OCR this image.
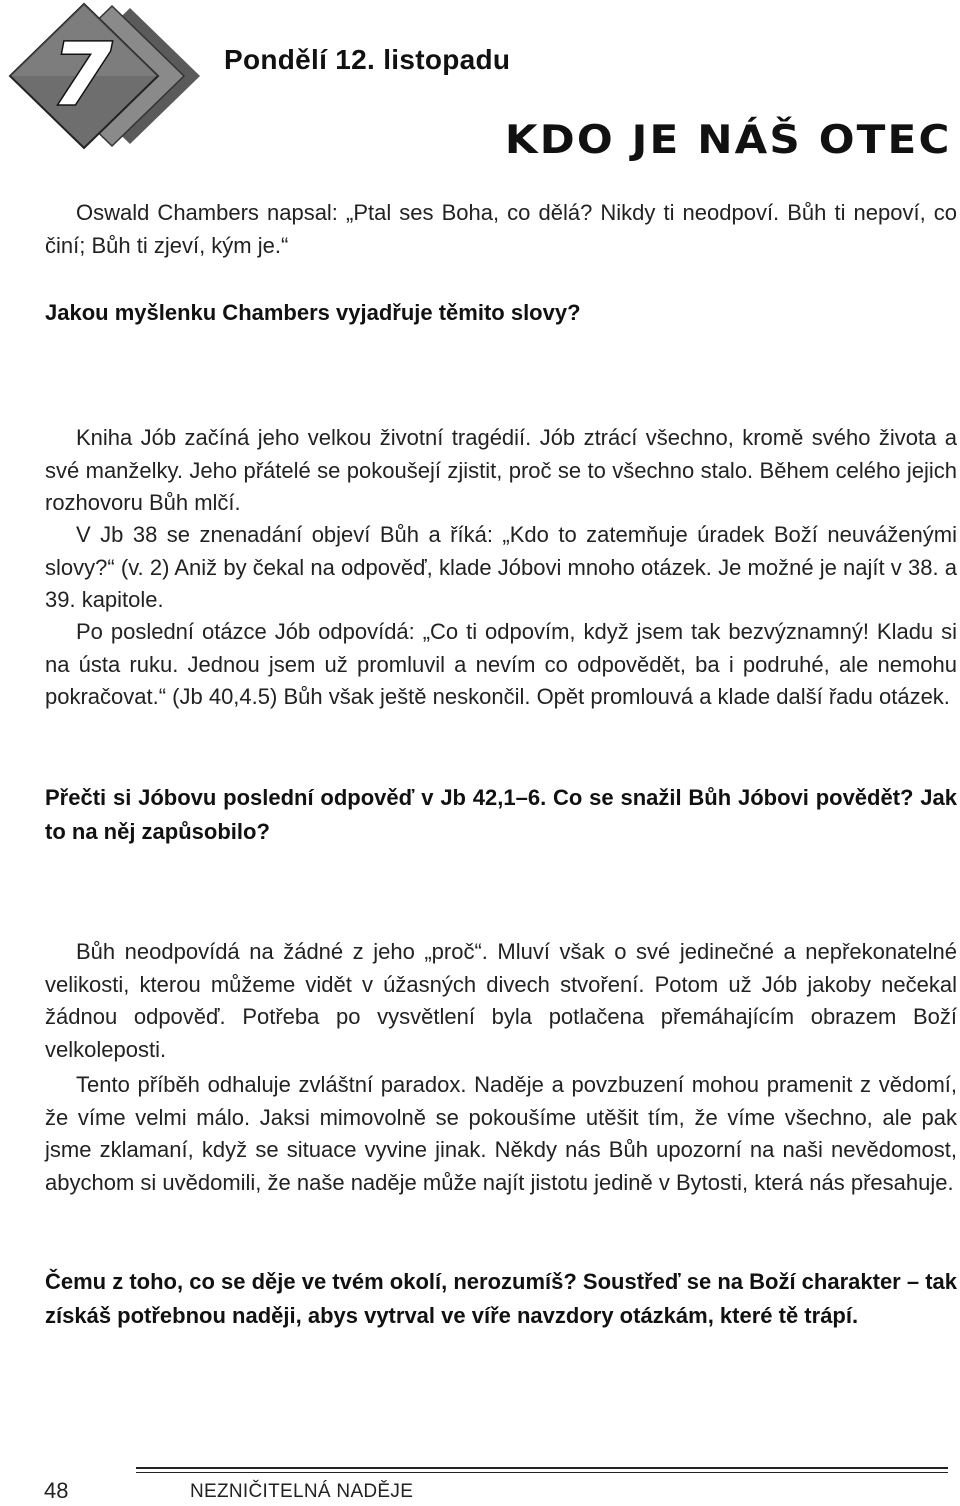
7	Pondělí 12. listopadu
KDO JE NÁŠ OTEC
Oswald Chambers napsal: „Ptal ses Boha, co dělá? Nikdy ti neodpoví. Bůh ti nepoví, co činí; Bůh ti zjeví, kým je.“
Jakou myšlenku Chambers vyjadřuje těmito slovy?
Kniha Jób začíná jeho velkou životní tragédií. Jób ztrácí všechno, kromě svého života a své manželky. Jeho přátelé se pokoušejí zjistit, proč se to všechno stalo. Během celého jejich rozhovoru Bůh mlčí.
V Jb 38 se znenadání objeví Bůh a říká: „Kdo to zatemňuje úradek Boží neuváženými slovy?“ (v. 2) Aniž by čekal na odpověď, klade Jóbovi mnoho otázek. Je možné je najít v 38. a 39. kapitole.
Po poslední otázce Jób odpovídá: „Co ti odpovím, když jsem tak bezvýznamný! Kladu si na ústa ruku. Jednou jsem už promluvil a nevím co odpovědět, ba i podruhé, ale nemohu pokračovat.“ (Jb 40,4.5) Bůh však ještě neskončil. Opět promlouvá a klade další řadu otázek.
Přečti si Jóbovu poslední odpověď v Jb 42,1–6. Co se snažil Bůh Jóbovi povědět? Jak to na něj zapůsobilo?
Bůh neodpovídá na žádné z jeho „proč“. Mluví však o své jedinečné a nepřekonatelné velikosti, kterou můžeme vidět v úžasných divech stvoření. Potom už Jób jakoby nečekal žádnou odpověď. Potřeba po vysvětlení byla potlačena přemáhajícím obrazem Boží velkoleposti.
Tento příběh odhaluje zvláštní paradox. Naděje a povzbuzení mohou pramenit z vědomí, že víme velmi málo. Jaksi mimovolně se pokoušíme utěšit tím, že víme všechno, ale pak jsme zklamaní, když se situace vyvine jinak. Někdy nás Bůh upozorní na naši nevědomost, abychom si uvědomili, že naše naděje může najít jistotu jedině v Bytosti, která nás přesahuje.
Čemu z toho, co se děje ve tvém okolí, nerozumíš? Soustřeď se na Boží charakter – tak získáš potřebnou naději, abys vytrval ve víře navzdory otázkám, které tě trápí.
48	NEZNIČITELNÁ NADĚJE
